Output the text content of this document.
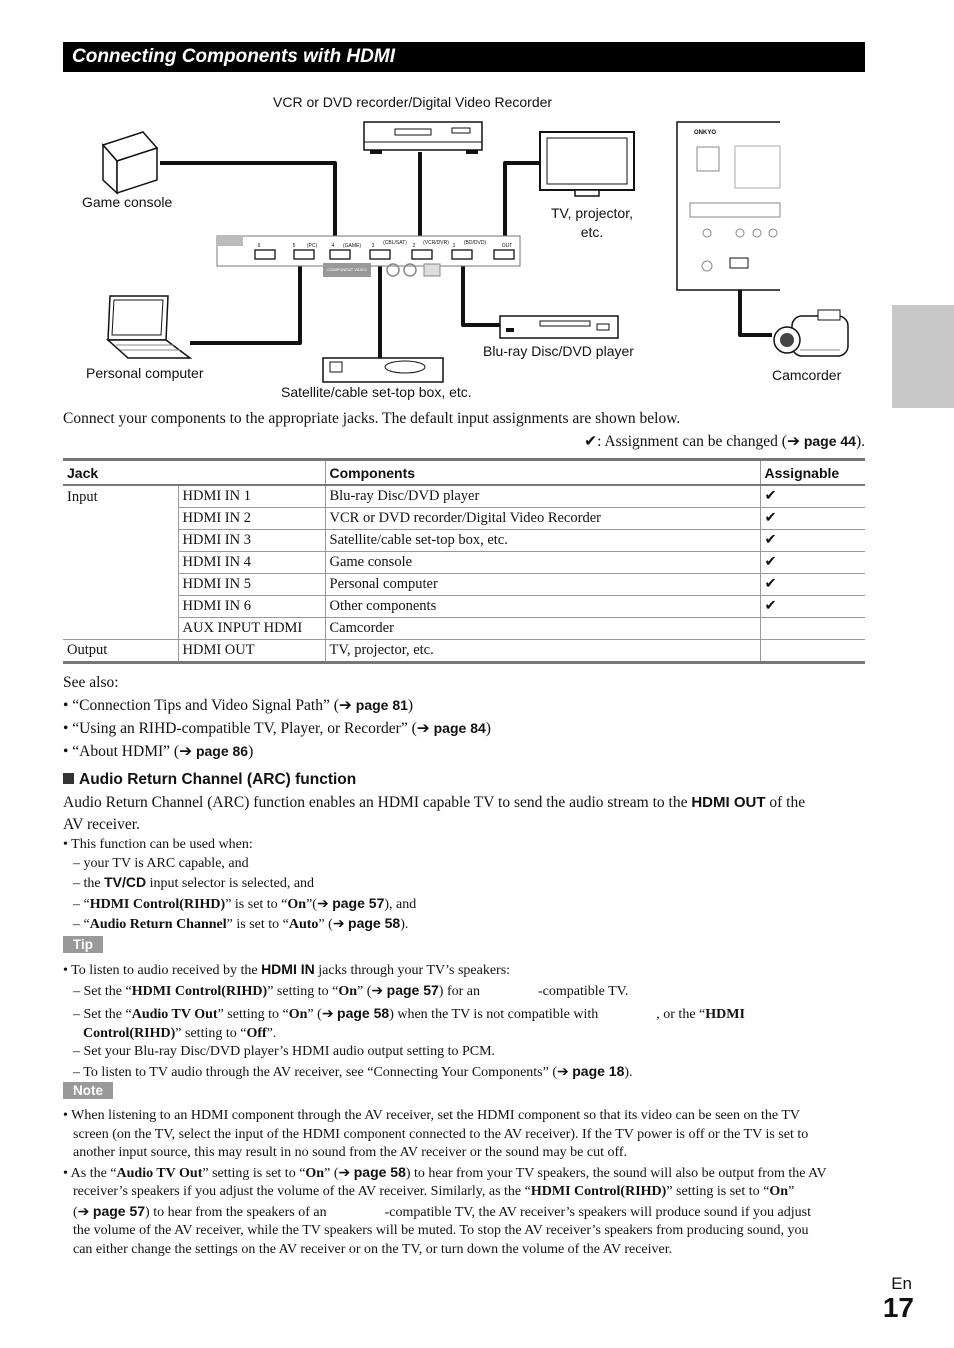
Connecting Components with HDMI
6	5 (PC)	4 (GAME) 3 (CBL/SAT) 2 (VCR/DVR) 1 (BD/DVD)	OUT
COMPONENT VIDEO
ONKYO
VCR or DVD recorder/Digital Video Recorder
Game console
TV, projector,
etc.
Blu-ray Disc/DVD player
Personal computer
Satellite/cable set-top box, etc.
Camcorder
Connect your components to the appropriate jacks. The default input assignments are shown below.
✔: Assignment can be changed (➔ page 44).
Jack		Components	Assignable
Input	HDMI IN 1	Blu-ray Disc/DVD player	✔
	HDMI IN 2	VCR or DVD recorder/Digital Video Recorder	✔
	HDMI IN 3	Satellite/cable set-top box, etc.	✔
	HDMI IN 4	Game console	✔
	HDMI IN 5	Personal computer	✔
	HDMI IN 6	Other components	✔
	AUX INPUT HDMI	Camcorder	
Output	HDMI OUT	TV, projector, etc.	
See also:
• “Connection Tips and Video Signal Path” (➔ page 81)
• “Using an RIHD-compatible TV, Player, or Recorder” (➔ page 84)
• “About HDMI” (➔ page 86)
Audio Return Channel (ARC) function
Audio Return Channel (ARC) function enables an HDMI capable TV to send the audio stream to the HDMI OUT of the
AV receiver.
• This function can be used when:
– your TV is ARC capable, and
– the TV/CD input selector is selected, and
– “HDMI Control(RIHD)” is set to “On”(➔ page 57), and
– “Audio Return Channel” is set to “Auto” (➔ page 58).
Tip
• To listen to audio received by the HDMI IN jacks through your TV’s speakers:
– Set the “HDMI Control(RIHD)” setting to “On” (➔ page 57) for an	-compatible TV.
– Set the “Audio TV Out” setting to “On” (➔ page 58) when the TV is not compatible with	, or the “HDMI
Control(RIHD)” setting to “Off”.
– Set your Blu-ray Disc/DVD player’s HDMI audio output setting to PCM.
– To listen to TV audio through the AV receiver, see “Connecting Your Components” (➔ page 18).
Note
• When listening to an HDMI component through the AV receiver, set the HDMI component so that its video can be seen on the TV
screen (on the TV, select the input of the HDMI component connected to the AV receiver). If the TV power is off or the TV is set to
another input source, this may result in no sound from the AV receiver or the sound may be cut off.
• As the “Audio TV Out” setting is set to “On” (➔ page 58) to hear from your TV speakers, the sound will also be output from the AV
receiver’s speakers if you adjust the volume of the AV receiver. Similarly, as the “HDMI Control(RIHD)” setting is set to “On”
(➔ page 57) to hear from the speakers of an	-compatible TV, the AV receiver’s speakers will produce sound if you adjust
the volume of the AV receiver, while the TV speakers will be muted. To stop the AV receiver’s speakers from producing sound, you
can either change the settings on the AV receiver or on the TV, or turn down the volume of the AV receiver.
En
17
